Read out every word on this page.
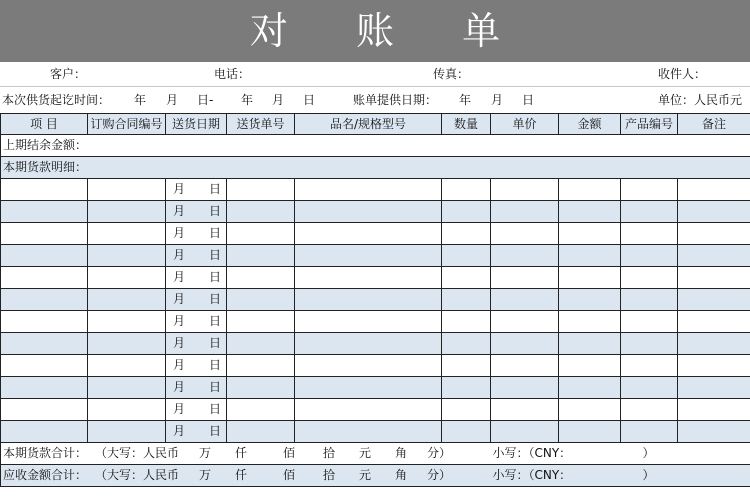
对 账 单
客户：	电话：	传真：	收件人：
本次供货起讫时间： 年 月 日- 年 月 日	账单提供日期： 年 月 日	单位：人民币元
项 目	订购合同编号	送货日期	送货单号	品名/规格型号	数量	单价	金额	产品编号	备注
上期结余金额：									
本期货款明细：									
		月 日							
		月 日							
		月 日							
		月 日							
		月 日							
		月 日							
		月 日							
		月 日							
		月 日							
		月 日							
		月 日							
		月 日							
本期货款合计： （大写：人民币 万 仟 佰 拾 元 角 分）						小写：（CNY： ）			
应收金额合计： （大写：人民币 万 仟 佰 拾 元 角 分）						小写：（CNY： ）			
